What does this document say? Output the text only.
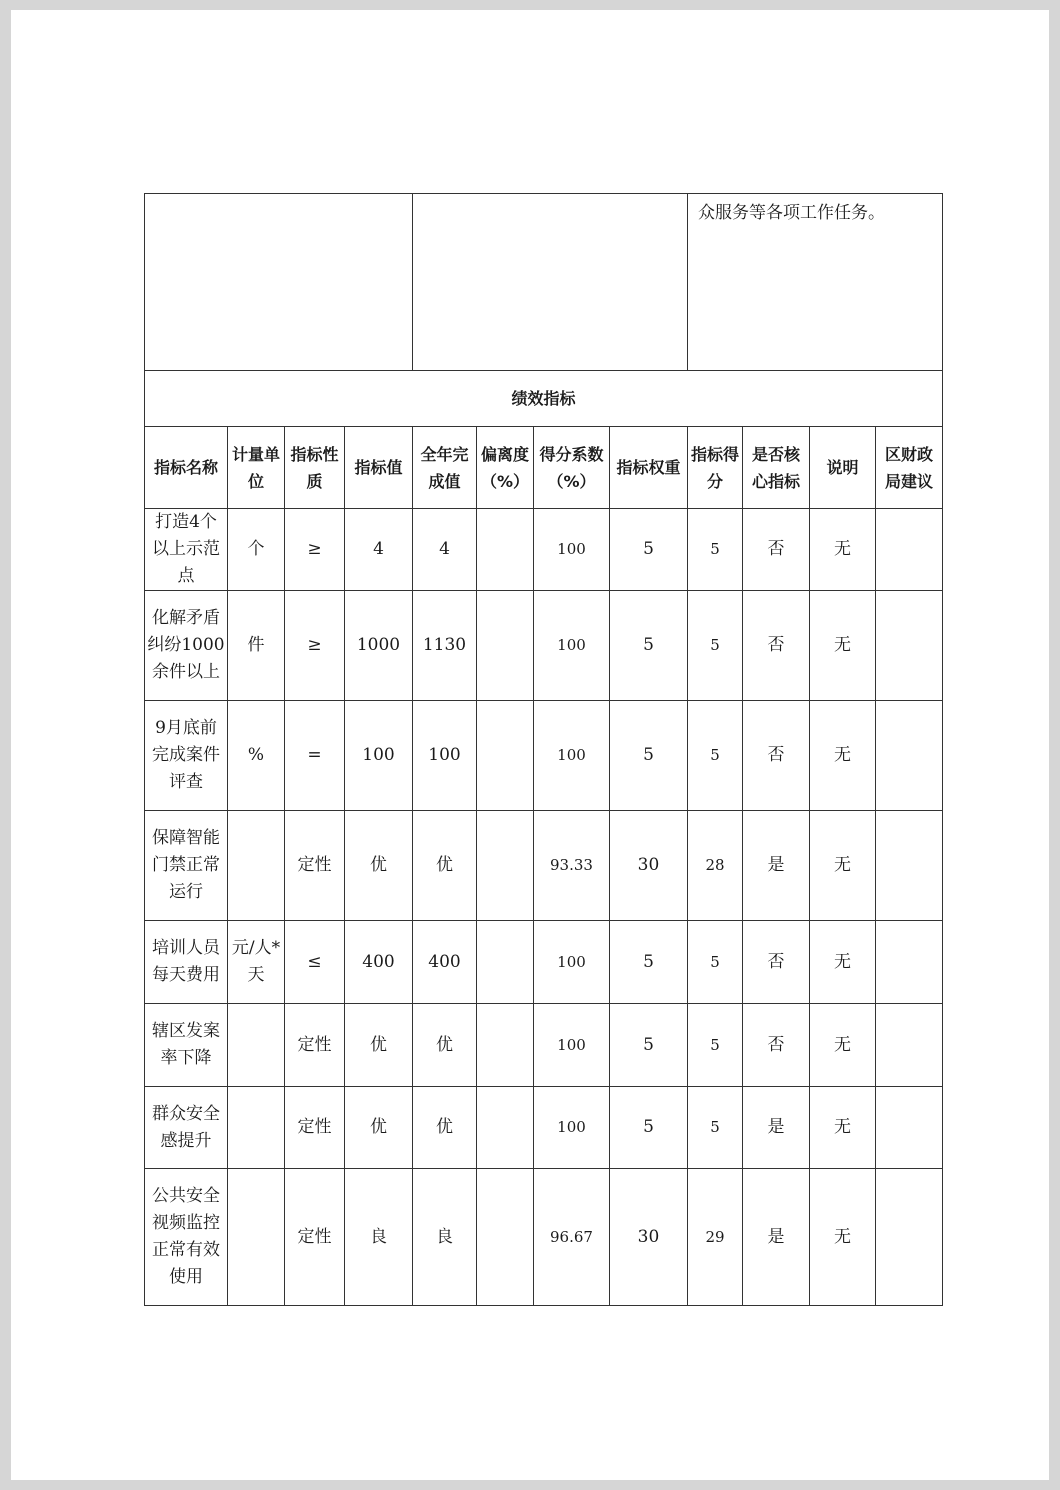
								众服务等各项工作任务。			
绩效指标											
指标名称	计量单位	指标性质	指标值	全年完成值	偏离度（%）	得分系数（%）	指标权重	指标得分	是否核心指标	说明	区财政局建议
打造4个以上示范点	个	≥	4	4		100	5	5	否	无	
化解矛盾纠纷1000余件以上	件	≥	1000	1130		100	5	5	否	无	
9月底前完成案件评查	%	=	100	100		100	5	5	否	无	
保障智能门禁正常运行		定性	优	优		93.33	30	28	是	无	
培训人员每天费用	元/人*天	≤	400	400		100	5	5	否	无	
辖区发案率下降		定性	优	优		100	5	5	否	无	
群众安全感提升		定性	优	优		100	5	5	是	无	
公共安全视频监控正常有效使用		定性	良	良		96.67	30	29	是	无	
